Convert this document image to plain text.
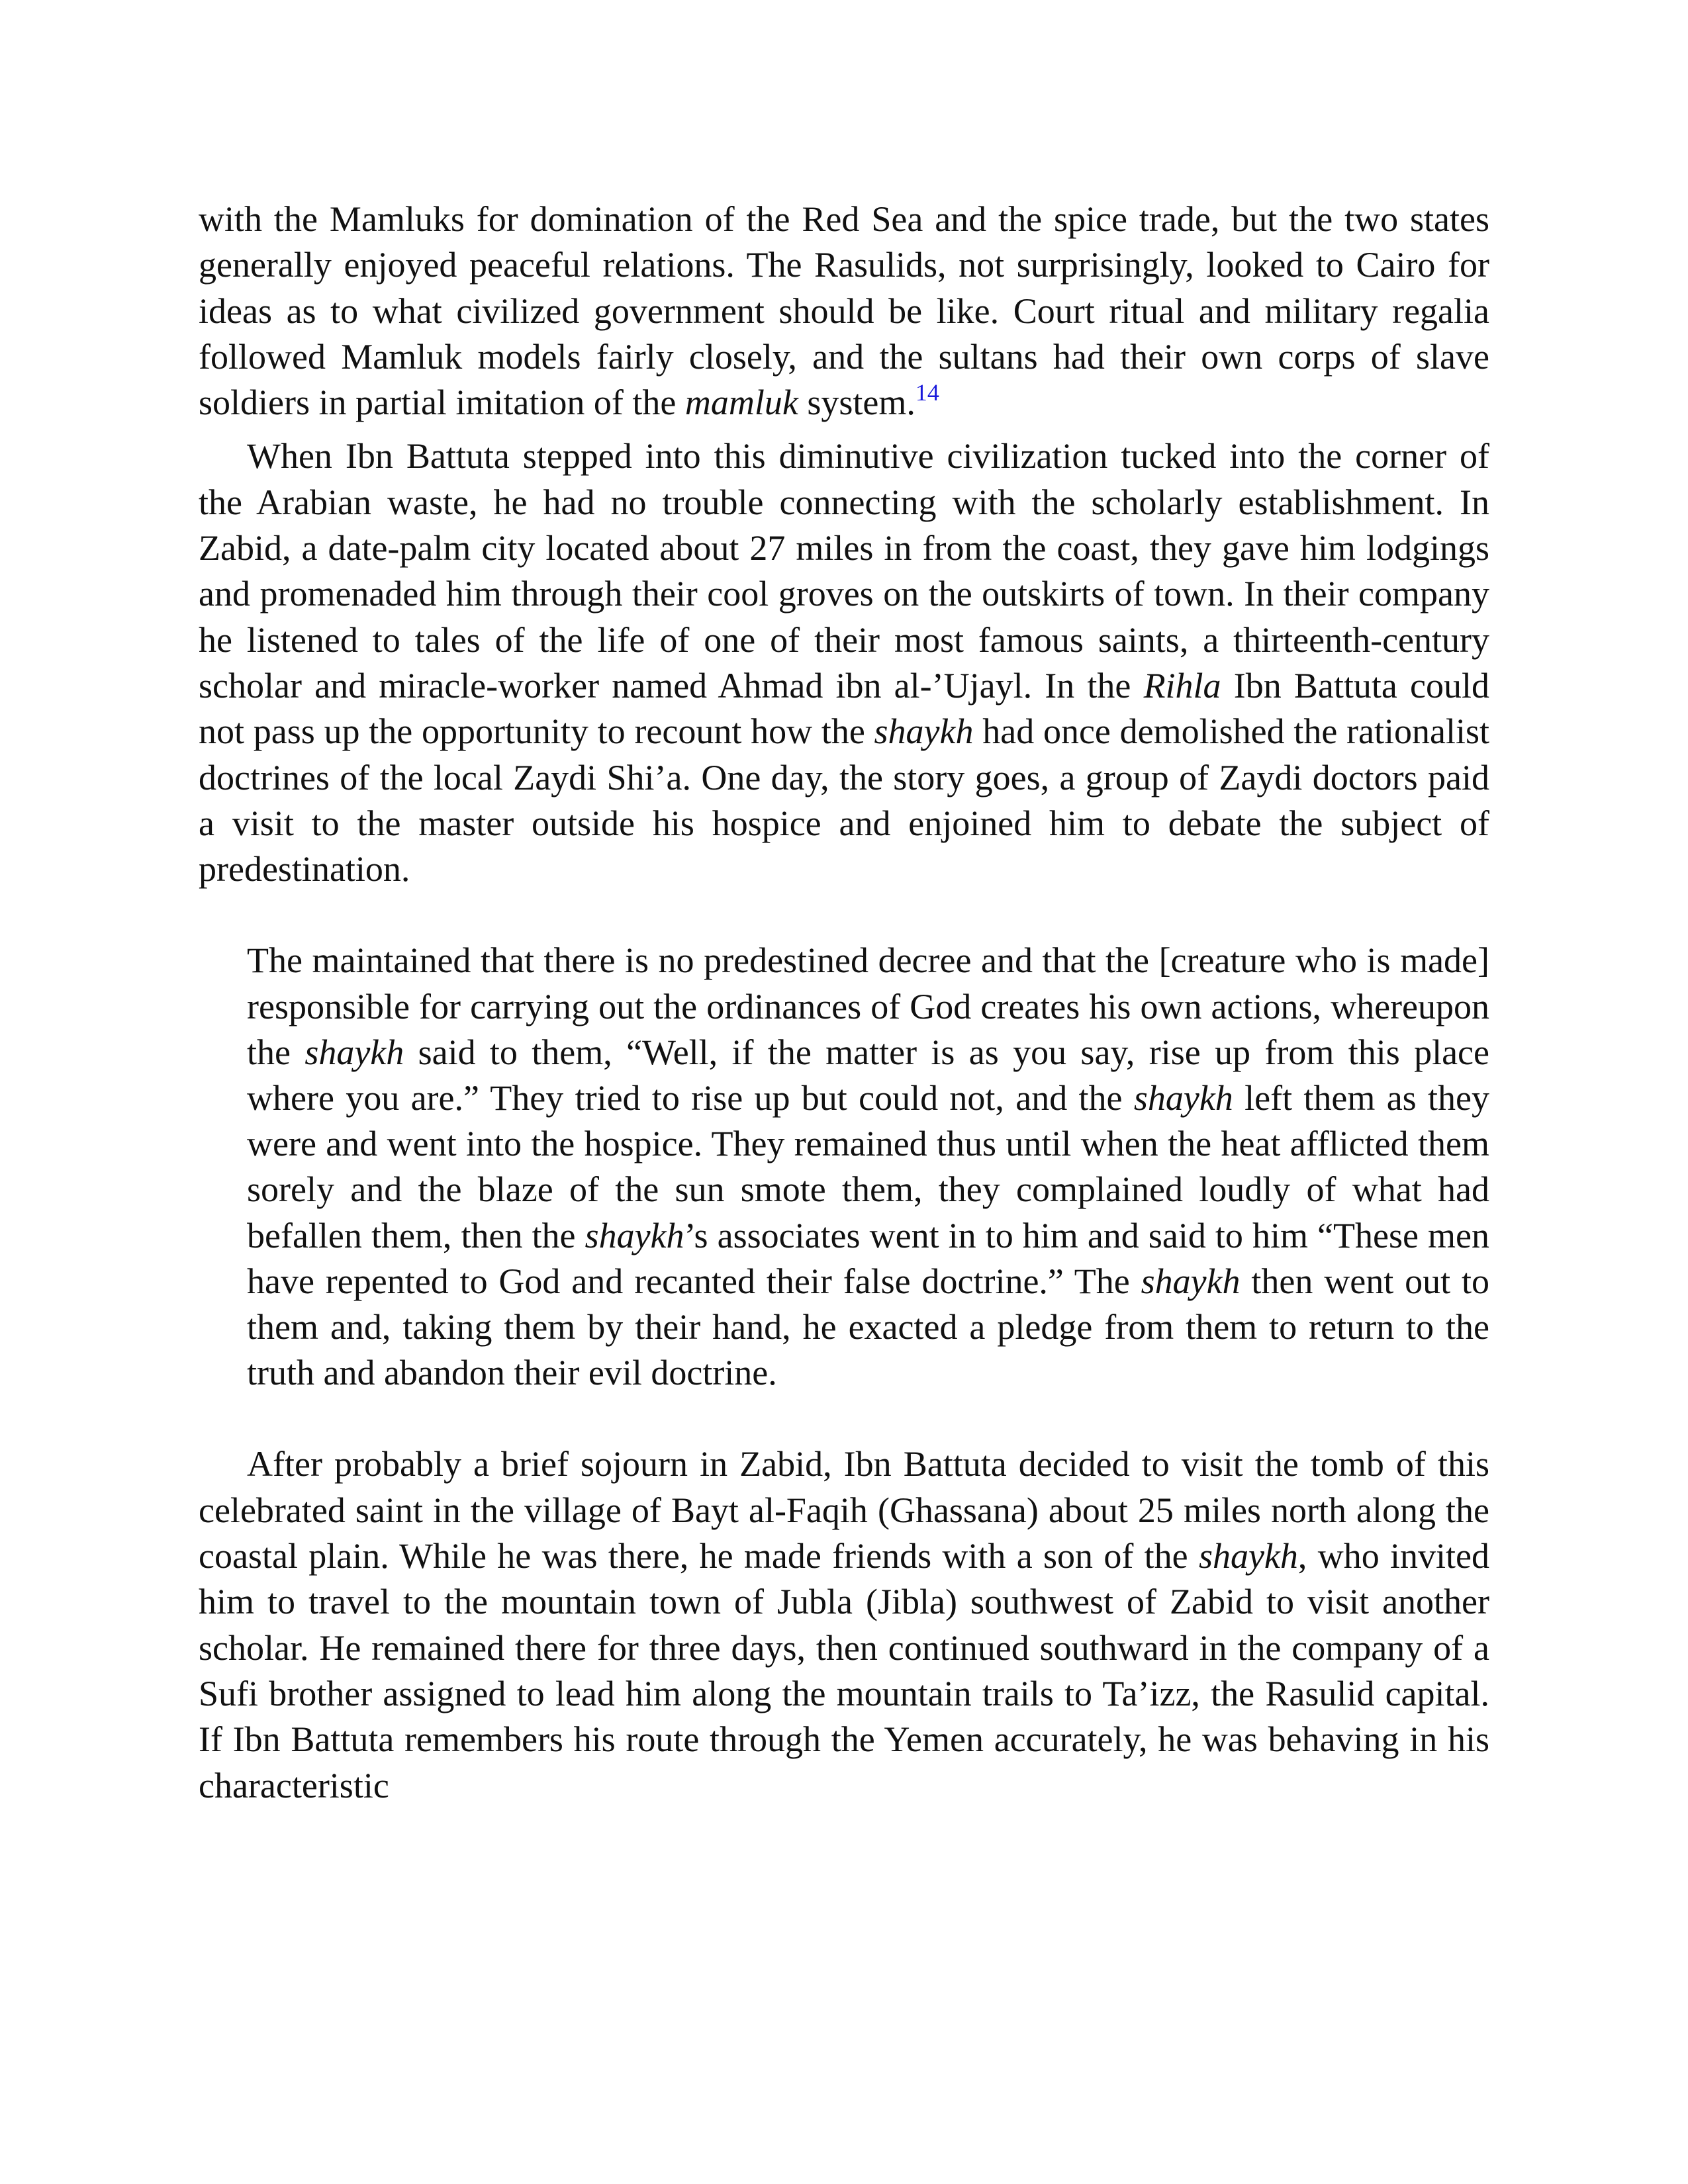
with the Mamluks for domination of the Red Sea and the spice trade, but the two states generally enjoyed peaceful relations. The Rasulids, not surprisingly, looked to Cairo for ideas as to what civilized government should be like. Court ritual and military regalia followed Mamluk models fairly closely, and the sultans had their own corps of slave soldiers in partial imitation of the mamluk system.$^{14}$

When Ibn Battuta stepped into this diminutive civilization tucked into the corner of the Arabian waste, he had no trouble connecting with the scholarly establishment. In Zabid, a date-palm city located about 27 miles in from the coast, they gave him lodgings and promenaded him through their cool groves on the outskirts of town. In their company he listened to tales of the life of one of their most famous saints, a thirteenth-century scholar and miracle-worker named Ahmad ibn al-’Ujayl. In the Rihla Ibn Battuta could not pass up the opportunity to recount how the shaykh had once demolished the rationalist doctrines of the local Zaydi Shi’a. One day, the story goes, a group of Zaydi doctors paid a visit to the master outside his hospice and enjoined him to debate the subject of predestination.

The maintained that there is no predestined decree and that the [creature who is made] responsible for carrying out the ordinances of God creates his own actions, whereupon the shaykh said to them, “Well, if the matter is as you say, rise up from this place where you are.” They tried to rise up but could not, and the shaykh left them as they were and went into the hospice. They remained thus until when the heat afflicted them sorely and the blaze of the sun smote them, they complained loudly of what had befallen them, then the shaykh’s associates went in to him and said to him “These men have repented to God and recanted their false doctrine.” The shaykh then went out to them and, taking them by their hand, he exacted a pledge from them to return to the truth and abandon their evil doctrine.

After probably a brief sojourn in Zabid, Ibn Battuta decided to visit the tomb of this celebrated saint in the village of Bayt al-Faqih (Ghassana) about 25 miles north along the coastal plain. While he was there, he made friends with a son of the shaykh, who invited him to travel to the mountain town of Jubla (Jibla) southwest of Zabid to visit another scholar. He remained there for three days, then continued southward in the company of a Sufi brother assigned to lead him along the mountain trails to Ta’izz, the Rasulid capital. If Ibn Battuta remembers his route through the Yemen accurately, he was behaving in his characteristic
